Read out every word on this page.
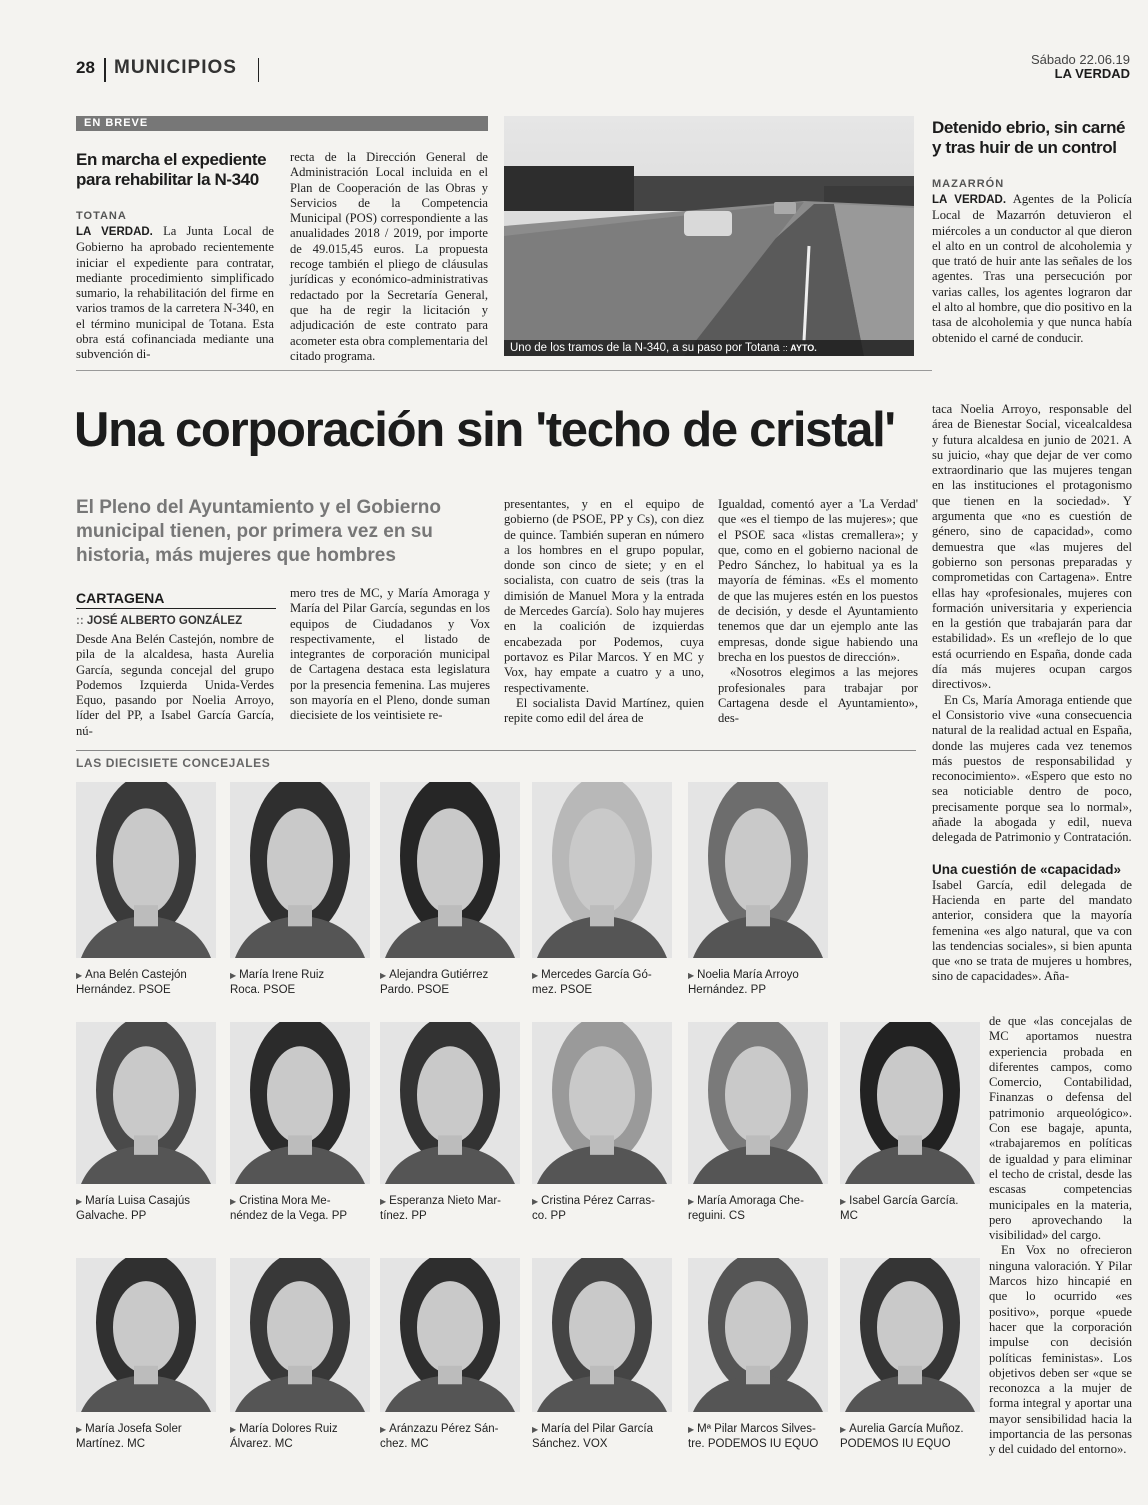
28 MUNICIPIOS	Sábado 22.06.19
LA VERDAD
EN BREVE
En marcha el expediente para rehabilitar la N-340
TOTANA

LA VERDAD. La Junta Local de Gobierno ha aprobado recientemente iniciar el expediente para contratar, mediante procedimiento simplificado sumario, la rehabilitación del firme en varios tramos de la carretera N-340, en el término municipal de Totana. Esta obra está cofinanciada mediante una subvención di-

recta de la Dirección General de Administración Local incluida en el Plan de Cooperación de las Obras y Servicios de la Competencia Municipal (POS) correspondiente a las anualidades 2018 / 2019, por importe de 49.015,45 euros. La propuesta recoge también el pliego de cláusulas jurídicas y económico-administrativas redactado por la Secretaría General, que ha de regir la licitación y adjudicación de este contrato para acometer esta obra complementaria del citado programa.

Uno de los tramos de la N-340, a su paso por Totana :: AYTO.
Detenido ebrio, sin carné y tras huir de un control
MAZARRÓN

LA VERDAD. Agentes de la Policía Local de Mazarrón detuvieron el miércoles a un conductor al que dieron el alto en un control de alcoholemia y que trató de huir ante las señales de los agentes. Tras una persecución por varias calles, los agentes lograron dar el alto al hombre, que dio positivo en la tasa de alcoholemia y que nunca había obtenido el carné de conducir.

Una corporación sin 'techo de cristal'
El Pleno del Ayuntamiento y el Gobierno municipal tienen, por primera vez en su historia, más mujeres que hombres
CARTAGENA
:: JOSÉ ALBERTO GONZÁLEZ

Desde Ana Belén Castejón, nombre de pila de la alcaldesa, hasta Aurelia García, segunda concejal del grupo Podemos Izquierda Unida-Verdes Equo, pasando por Noelia Arroyo, líder del PP, a Isabel García García, nú-

mero tres de MC, y María Amoraga y María del Pilar García, segundas en los equipos de Ciudadanos y Vox respectivamente, el listado de integrantes de corporación municipal de Cartagena destaca esta legislatura por la presencia femenina. Las mujeres son mayoría en el Pleno, donde suman diecisiete de los veintisiete re-

presentantes, y en el equipo de gobierno (de PSOE, PP y Cs), con diez de quince. También superan en número a los hombres en el grupo popular, donde son cinco de siete; y en el socialista, con cuatro de seis (tras la dimisión de Manuel Mora y la entrada de Mercedes García). Solo hay mujeres en la coalición de izquierdas encabezada por Podemos, cuya portavoz es Pilar Marcos. Y en MC y Vox, hay empate a cuatro y a uno, respectivamente.

El socialista David Martínez, quien repite como edil del área de

Igualdad, comentó ayer a 'La Verdad' que «es el tiempo de las mujeres»; que el PSOE saca «listas cremallera»; y que, como en el gobierno nacional de Pedro Sánchez, lo habitual ya es la mayoría de féminas. «Es el momento de que las mujeres estén en los puestos de decisión, y desde el Ayuntamiento tenemos que dar un ejemplo ante las empresas, donde sigue habiendo una brecha en los puestos de dirección».

«Nosotros elegimos a las mejores profesionales para trabajar por Cartagena desde el Ayuntamiento», des-

taca Noelia Arroyo, responsable del área de Bienestar Social, vicealcaldesa y futura alcaldesa en junio de 2021. A su juicio, «hay que dejar de ver como extraordinario que las mujeres tengan en las instituciones el protagonismo que tienen en la sociedad». Y argumenta que «no es cuestión de género, sino de capacidad», como demuestra que «las mujeres del gobierno son personas preparadas y comprometidas con Cartagena». Entre ellas hay «profesionales, mujeres con formación universitaria y experiencia en la gestión que trabajarán para dar estabilidad». Es un «reflejo de lo que está ocurriendo en España, donde cada día más mujeres ocupan cargos directivos».

En Cs, María Amoraga entiende que el Consistorio vive «una consecuencia natural de la realidad actual en España, donde las mujeres cada vez tenemos más puestos de responsabilidad y reconocimiento». «Espero que esto no sea noticiable dentro de poco, precisamente porque sea lo normal», añade la abogada y edil, nueva delegada de Patrimonio y Contratación.

Una cuestión de «capacidad»

Isabel García, edil delegada de Hacienda en parte del mandato anterior, considera que la mayoría femenina «es algo natural, que va con las tendencias sociales», si bien apunta que «no se trata de mujeres u hombres, sino de capacidades». Aña-

de que «las concejalas de MC aportamos nuestra experiencia probada en diferentes campos, como Comercio, Contabilidad, Finanzas o defensa del patrimonio arqueológico». Con ese bagaje, apunta, «trabajaremos en políticas de igualdad y para eliminar el techo de cristal, desde las escasas competencias municipales en la materia, pero aprovechando la visibilidad» del cargo.

En Vox no ofrecieron ninguna valoración. Y Pilar Marcos hizo hincapié en que lo ocurrido «es positivo», porque «puede hacer que la corporación impulse con decisión políticas feministas». Los objetivos deben ser «que se reconozca a la mujer de forma integral y aportar una mayor sensibilidad hacia la importancia de las personas y del cuidado del entorno».

LAS DIECISIETE CONCEJALES
▶ Ana Belén Castejón
Hernández. PSOE
▶ María Irene Ruiz
Roca. PSOE
▶ Alejandra Gutiérrez
Pardo. PSOE
▶ Mercedes García Gó-
mez. PSOE
▶ Noelia María Arroyo
Hernández. PP
▶ María Luisa Casajús
Galvache. PP
▶ Cristina Mora Me-
néndez de la Vega. PP
▶ Esperanza Nieto Mar-
tínez. PP
▶ Cristina Pérez Carras-
co. PP
▶ María Amoraga Che-
reguini. CS
▶ Isabel García García.
MC
▶ María Josefa Soler
Martínez. MC
▶ María Dolores Ruiz
Álvarez. MC
▶ Aránzazu Pérez Sán-
chez. MC
▶ María del Pilar García
Sánchez. VOX
▶ Mª Pilar Marcos Silves-
tre. PODEMOS IU EQUO
▶ Aurelia García Muñoz.
PODEMOS IU EQUO
